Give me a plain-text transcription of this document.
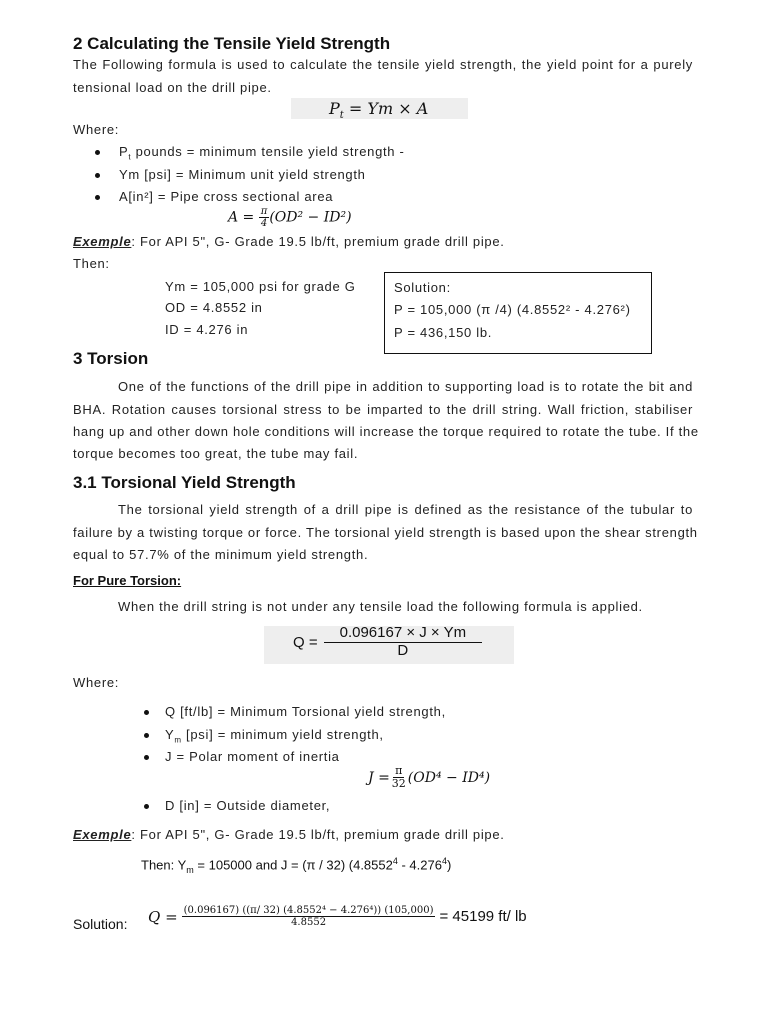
2 Calculating the Tensile Yield Strength
The Following formula is used to calculate the tensile yield strength, the yield point for a purely
tensional load on the drill pipe.
$P_t = Ym \times A$
Where:
$P_t$ pounds = minimum tensile yield strength -
Ym [psi] = Minimum unit yield strength
A[in²] = Pipe cross sectional area
$A = \frac{\pi}{4} (OD^2 - ID^2)$
Exemple: For API 5", G- Grade 19.5 lb/ft, premium grade drill pipe.
Then:
Ym = 105,000 psi for grade G
OD = 4.8552 in
ID = 4.276 in
Solution:
P = 105,000 (π /4) (4.8552² - 4.276²)
P = 436,150 lb.
3 Torsion
One of the functions of the drill pipe in addition to supporting load is to rotate the bit and
BHA. Rotation causes torsional stress to be imparted to the drill string. Wall friction, stabiliser
hang up and other down hole conditions will increase the torque required to rotate the tube. If the
torque becomes too great, the tube may fail.
3.1 Torsional Yield Strength
The torsional yield strength of a drill pipe is defined as the resistance of the tubular to
failure by a twisting torque or force. The torsional yield strength is based upon the shear strength
equal to 57.7% of the minimum yield strength.
For Pure Torsion:
When the drill string is not under any tensile load the following formula is applied.
$Q = \frac{0.096167 \times J \times Ym}{D}$
Where:
Q [ft/lb] = Minimum Torsional yield strength,
$Y_m$ [psi] = minimum yield strength,
J = Polar moment of inertia
$J = \frac{\pi}{32} (OD^4 - ID^4)$
D [in] = Outside diameter,
Exemple: For API 5", G- Grade 19.5 lb/ft, premium grade drill pipe.
Then: $Y_m = 105000$ and J = (π / 32) (4.8552$^4$ - 4.276$^4$)
Solution: $Q = \frac{\text{(0.096167) ((π/ 32) (4.8552⁴ − 4.276⁴)) (105,000)}}{4.8552} = 45199$ ft/ lb
